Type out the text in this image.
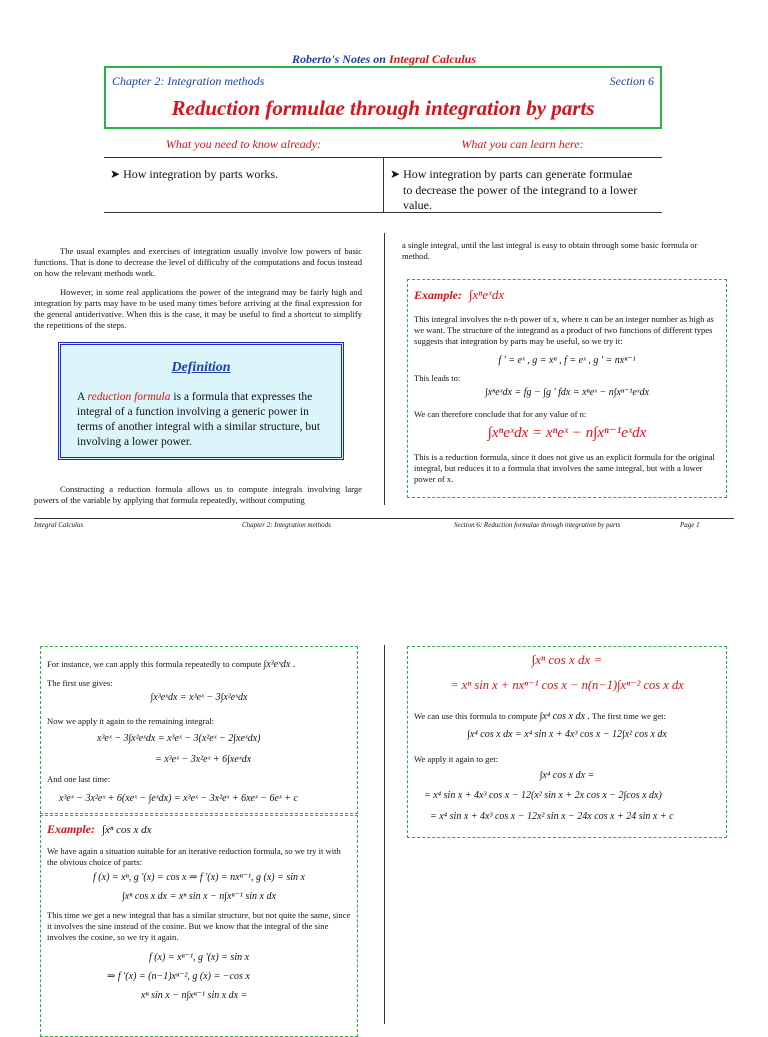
Roberto's Notes on Integral Calculus
Chapter 2: Integration methods	Section 6
Reduction formulae through integration by parts
What you need to know already:	What you can learn here:
➤ How integration by parts works.	➤ How integration by parts can generate formulae to decrease the power of the integrand to a lower value.

The usual examples and exercises of integration usually involve low powers of basic functions. That is done to decrease the level of difficulty of the computations and focus instead on how the relevant methods work.

However, in some real applications the power of the integrand may be fairly high and integration by parts may have to be used many times before arriving at the final expression for the general antiderivative. When this is the case, it may be useful to find a shortcut to simplify the repetitions of the steps.

Definition
A reduction formula is a formula that expresses the integral of a function involving a generic power in terms of another integral with a similar structure, but involving a lower power.

Constructing a reduction formula allows us to compute integrals involving large powers of the variable by applying that formula repeatedly, without computing

a single integral, until the last integral is easy to obtain through some basic formula or method.
Example: ∫xⁿeˣdx
This integral involves the n-th power of x, where n can be an integer number as high as we want. The structure of the integrand as a product of two functions of different types suggests that integration by parts may be useful, so we try it:
f ' = eˣ , g = xⁿ , f = eˣ , g ' = nxⁿ⁻¹
This leads to:
∫xⁿeˣdx = fg − ∫g ' fdx = xⁿeˣ − n∫xⁿ⁻¹eˣdx
We can therefore conclude that for any value of n:
∫xⁿeˣdx = xⁿeˣ − n∫xⁿ⁻¹eˣdx
This is a reduction formula, since it does not give us an explicit formula for the original integral, but reduces it to a formula that involves the same integral, but with a lower power of x.
Integral Calculus	Chapter 2: Integration methods	Section 6: Reduction formulae through integration by parts	Page 1
For instance, we can apply this formula repeatedly to compute ∫x³eˣdx .
The first use gives:
∫x³eˣdx = x³eˣ − 3∫x²eˣdx
Now we apply it again to the remaining integral:
x³eˣ − 3∫x²eˣdx = x³eˣ − 3(x²eˣ − 2∫xeˣdx)
= x³eˣ − 3x²eˣ + 6∫xeˣdx
And one last time:
x³eˣ − 3x²eˣ + 6(xeˣ − ∫eˣdx) = x³eˣ − 3x²eˣ + 6xeˣ − 6eˣ + c
Example: ∫xⁿ cos x dx
We have again a situation suitable for an iterative reduction formula, so we try it with the obvious choice of parts:
f (x) = xⁿ, g '(x) = cos x ⇒ f '(x) = nxⁿ⁻¹, g (x) = sin x
∫xⁿ cos x dx = xⁿ sin x − n∫xⁿ⁻¹ sin x dx
This time we get a new integral that has a similar structure, but not quite the same, since it involves the sine instead of the cosine. But we know that the integral of the sine involves the cosine, so we try it again.
f (x) = xⁿ⁻¹, g '(x) = sin x
⇒ f '(x) = (n−1)xⁿ⁻², g (x) = −cos x
xⁿ sin x − n∫xⁿ⁻¹ sin x dx =
∫xⁿ cos x dx =
= xⁿ sin x + nxⁿ⁻¹ cos x − n(n−1)∫xⁿ⁻² cos x dx
We can use this formula to compute ∫x⁴ cos x dx . The first time we get:
∫x⁴ cos x dx = x⁴ sin x + 4x³ cos x − 12∫x² cos x dx
We apply it again to get:
∫x⁴ cos x dx =
= x⁴ sin x + 4x³ cos x − 12(x² sin x + 2x cos x − 2∫cos x dx)
= x⁴ sin x + 4x³ cos x − 12x² sin x − 24x cos x + 24 sin x + c
